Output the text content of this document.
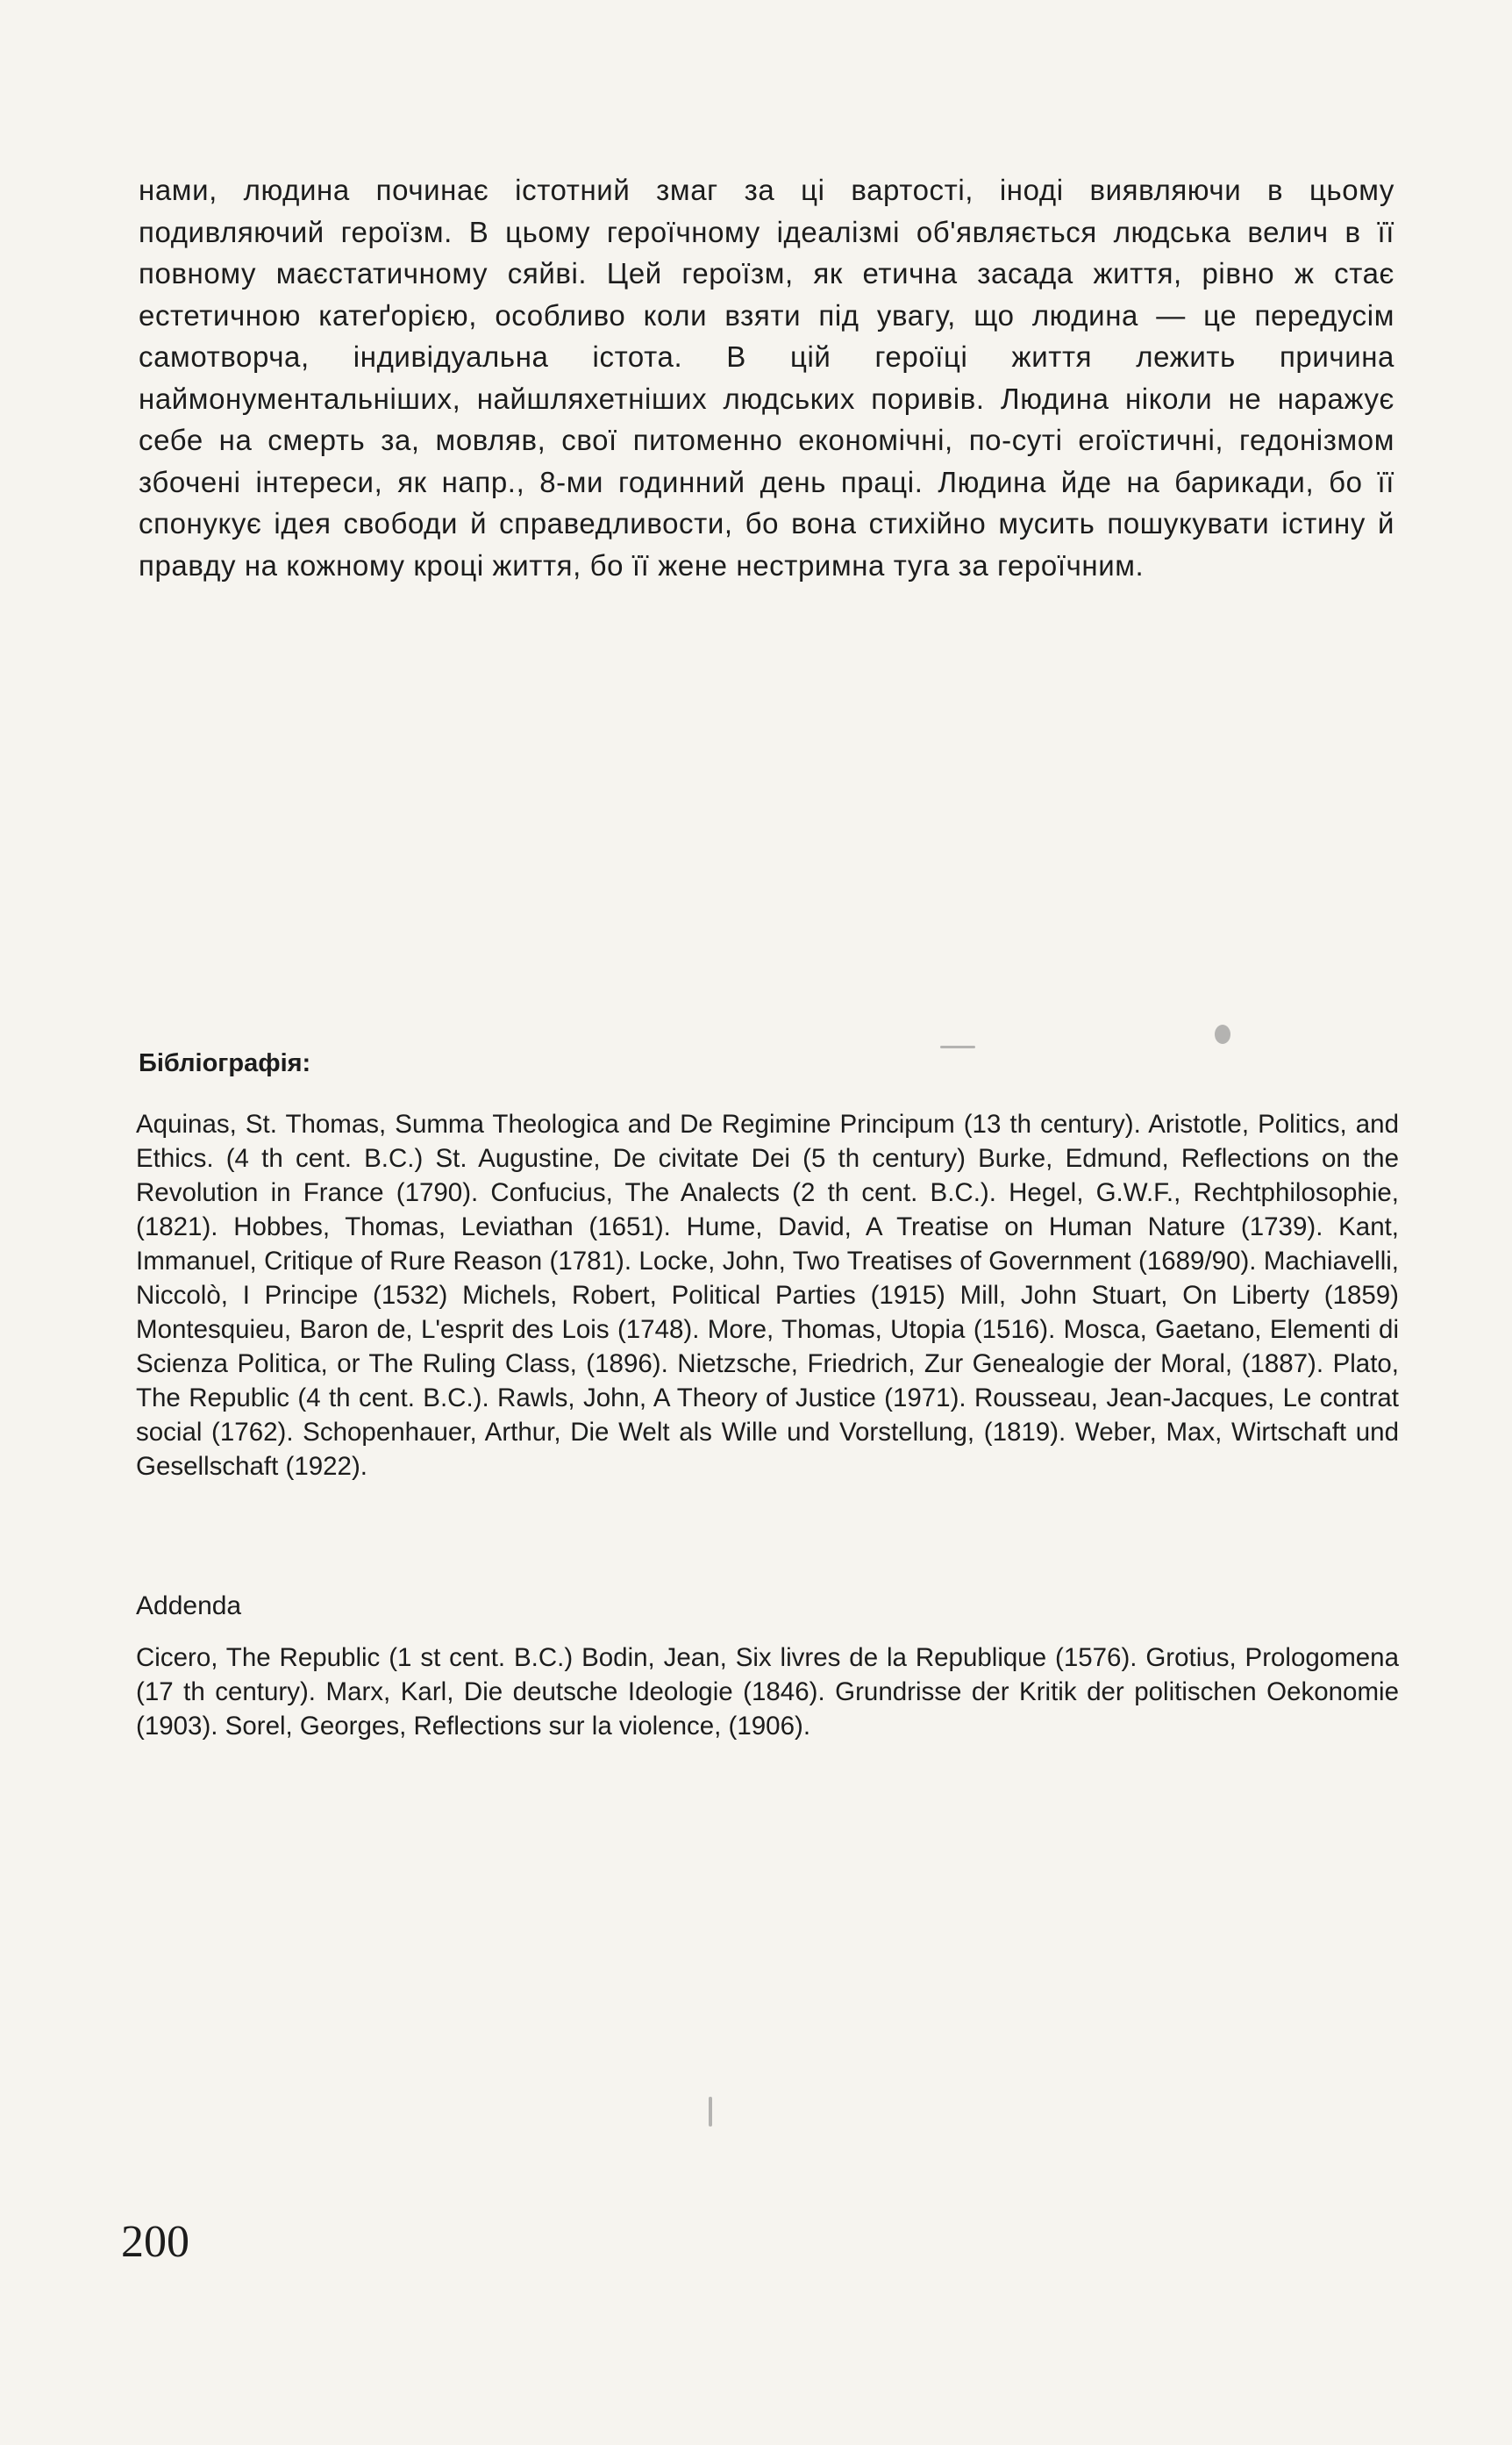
нами, людина починає істотний змаг за ці вартості, іноді виявляючи в цьому подивляючий героїзм. В цьому героїчному ідеалізмі об'являється людська велич в її повному маєстатичному сяйві. Цей героїзм, як етична засада життя, рівно ж стає естетичною катеґорією, особливо коли взяти під увагу, що людина — це передусім самотворча, індивідуальна істота. В цій героїці життя лежить причина наймонументальніших, найшляхетніших людських поривів. Людина ніколи не наражує себе на смерть за, мовляв, свої питоменно економічні, по-суті егоїстичні, гедонізмом збочені інтереси, як напр., 8-ми годинний день праці. Людина йде на барикади, бо її спонукує ідея свободи й справедливости, бо вона стихійно мусить пошукувати істину й правду на кожному кроці життя, бо її жене нестримна туга за героїчним.

Бібліографія:

Aquinas, St. Thomas, Summa Theologica and De Regimine Principum (13 th century). Aristotle, Politics, and Ethics. (4 th cent. B.C.) St. Augustine, De civitate Dei (5 th century) Burke, Edmund, Reflections on the Revolution in France (1790). Confucius, The Analects (2 th cent. B.C.). Hegel, G.W.F., Rechtphilosophie, (1821). Hobbes, Thomas, Leviathan (1651). Hume, David, A Treatise on Human Nature (1739). Kant, Immanuel, Critique of Rure Reason (1781). Locke, John, Two Treatises of Government (1689/90). Machiavelli, Niccolò, I Principe (1532) Michels, Robert, Political Parties (1915) Mill, John Stuart, On Liberty (1859) Montesquieu, Baron de, L'esprit des Lois (1748). More, Thomas, Utopia (1516). Mosca, Gaetano, Elementi di Scienza Politica, or The Ruling Class, (1896). Nietzsche, Friedrich, Zur Genealogie der Moral, (1887). Plato, The Republic (4 th cent. B.C.). Rawls, John, A Theory of Justice (1971). Rousseau, Jean-Jacques, Le contrat social (1762). Schopenhauer, Arthur, Die Welt als Wille und Vorstellung, (1819). Weber, Max, Wirtschaft und Gesellschaft (1922).

Addenda

Cicero, The Republic (1 st cent. B.C.) Bodin, Jean, Six livres de la Republique (1576). Grotius, Prologomena (17 th century). Marx, Karl, Die deutsche Ideologie (1846). Grundrisse der Kritik der politischen Oekonomie (1903). Sorel, Georges, Reflections sur la violence, (1906).

200
